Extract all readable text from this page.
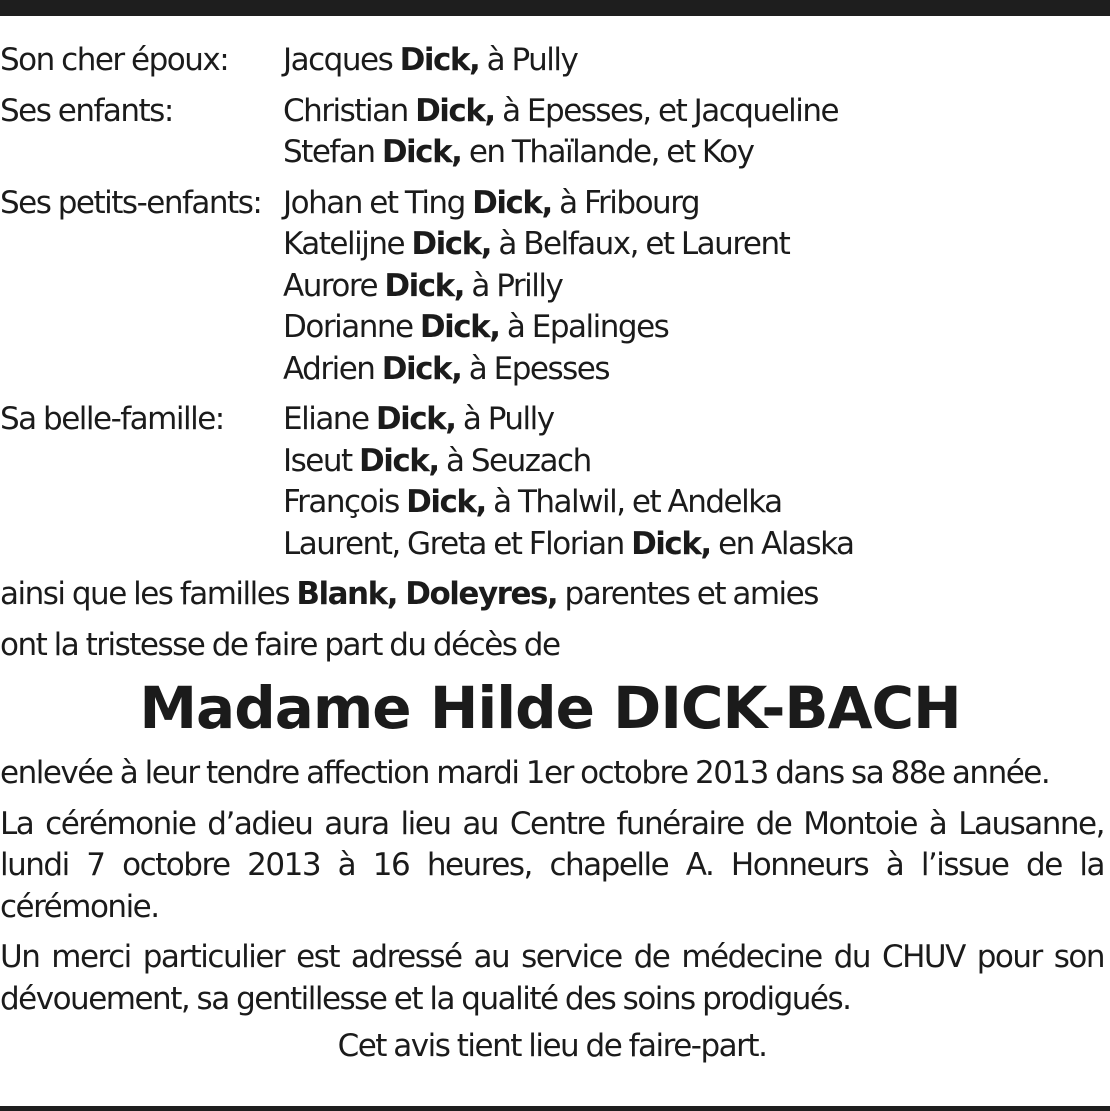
Son cher époux:	Jacques Dick, à Pully
Ses enfants:	Christian Dick, à Epesses, et Jacqueline
Stefan Dick, en Thaïlande, et Koy
Ses petits-enfants: Johan et Ting Dick, à Fribourg
Katelijne Dick, à Belfaux, et Laurent
Aurore Dick, à Prilly
Dorianne Dick, à Epalinges
Adrien Dick, à Epesses
Sa belle-famille:	Eliane Dick, à Pully
Iseut Dick, à Seuzach
François Dick, à Thalwil, et Andelka
Laurent, Greta et Florian Dick, en Alaska

ainsi que les familles Blank, Doleyres, parentes et amies

ont la tristesse de faire part du décès de

Madame Hilde DICK-BACH

enlevée à leur tendre affection mardi 1er octobre 2013 dans sa 88e année.

La cérémonie d’adieu aura lieu au Centre funéraire de Montoie à Lausanne, lundi 7 octobre 2013 à 16 heures, chapelle A. Honneurs à l’issue de la cérémonie.

Un merci particulier est adressé au service de médecine du CHUV pour son dévouement, sa gentillesse et la qualité des soins prodigués.

Cet avis tient lieu de faire-part.
